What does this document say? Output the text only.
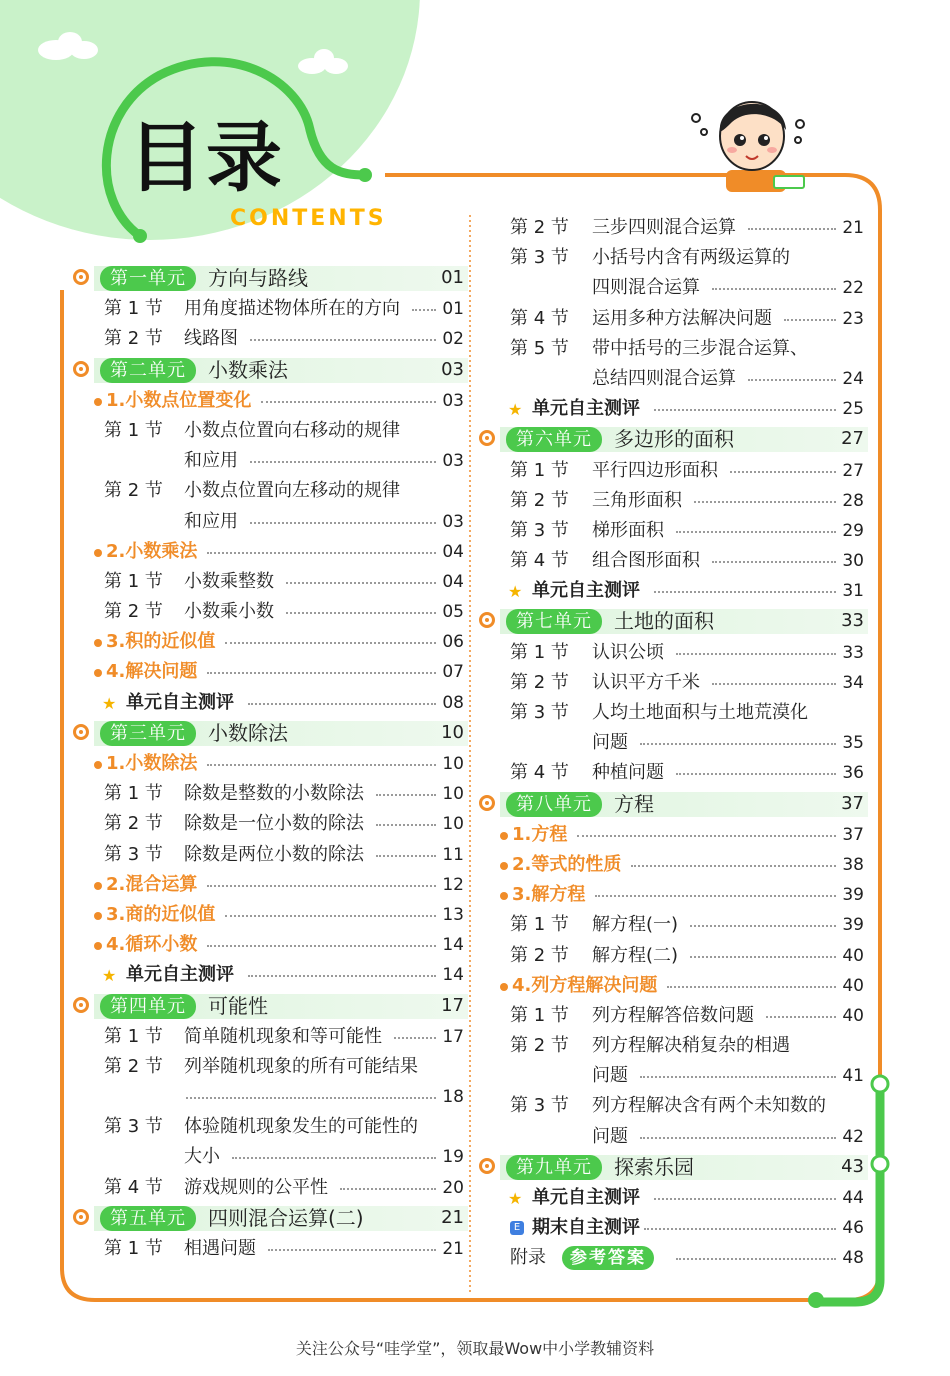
目录
CONTENTS
第一单元	方向与路线	01
第 1 节 用角度描述物体所在的方向 01
第 2 节 线路图	02
第二单元	小数乘法	03
1.小数点位置变化	03
第 1 节 小数点位置向右移动的规律
和应用	03
第 2 节 小数点位置向左移动的规律
和应用	03
2.小数乘法	04
第 1 节 小数乘整数	04
第 2 节 小数乘小数	05
3.积的近似值	06
4.解决问题	07
★ 单元自主测评	08
第三单元	小数除法	10
1.小数除法	10
第 1 节 除数是整数的小数除法	10
第 2 节 除数是一位小数的除法	10
第 3 节 除数是两位小数的除法	11
2.混合运算	12
3.商的近似值	13
4.循环小数	14
★ 单元自主测评	14
第四单元	可能性	17
第 1 节 简单随机现象和等可能性	17
第 2 节 列举随机现象的所有可能结果
18
第 3 节 体验随机现象发生的可能性的
大小	19
第 4 节 游戏规则的公平性	20
第五单元	四则混合运算(二)	21
第 1 节 相遇问题	21
第 2 节 三步四则混合运算	21
第 3 节 小括号内含有两级运算的
四则混合运算	22
第 4 节 运用多种方法解决问题	23
第 5 节 带中括号的三步混合运算、
总结四则混合运算	24
★ 单元自主测评	25
第六单元	多边形的面积	27
第 1 节 平行四边形面积	27
第 2 节 三角形面积	28
第 3 节 梯形面积	29
第 4 节 组合图形面积	30
★ 单元自主测评	31
第七单元	土地的面积	33
第 1 节 认识公顷	33
第 2 节 认识平方千米	34
第 3 节 人均土地面积与土地荒漠化
问题	35
第 4 节 种植问题	36
第八单元	方程	37
1.方程	37
2.等式的性质	38
3.解方程	39
第 1 节 解方程(一)	39
第 2 节 解方程(二)	40
4.列方程解决问题	40
第 1 节 列方程解答倍数问题	40
第 2 节 列方程解决稍复杂的相遇
问题	41
第 3 节 列方程解决含有两个未知数的
问题	42
第九单元	探索乐园	43
★ 单元自主测评	44
E 期末自主测评	46
附录	参考答案	48
关注公众号“哇学堂”，领取最Wow中小学教辅资料
